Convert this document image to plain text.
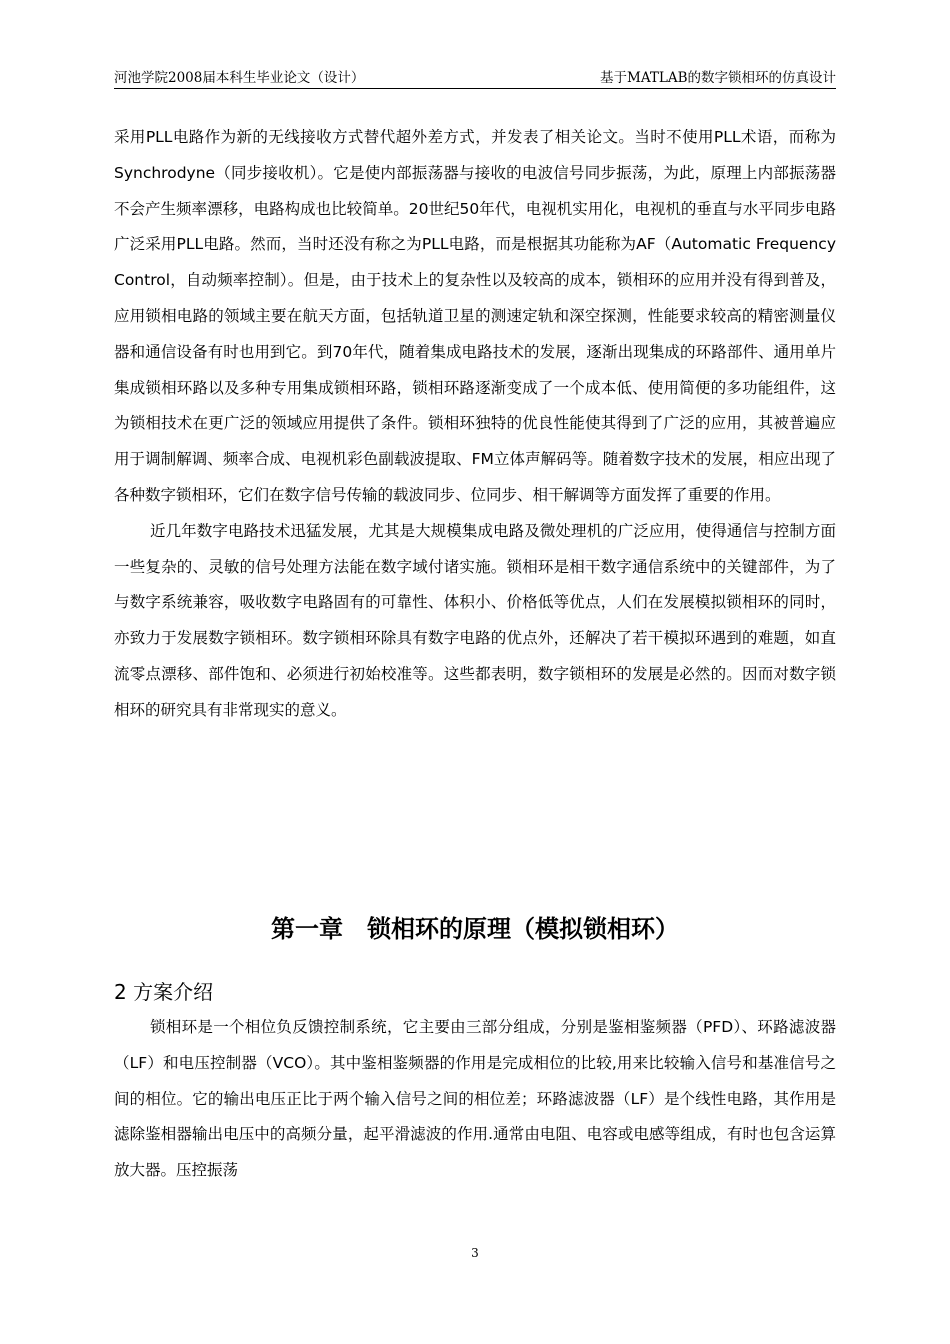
河池学院2008届本科生毕业论文（设计）	基于MATLAB的数字锁相环的仿真设计

采用PLL电路作为新的无线接收方式替代超外差方式，并发表了相关论文。当时不使用PLL术语，而称为Synchrodyne（同步接收机）。它是使内部振荡器与接收的电波信号同步振荡，为此，原理上内部振荡器不会产生频率漂移，电路构成也比较简单。20世纪50年代，电视机实用化，电视机的垂直与水平同步电路广泛采用PLL电路。然而，当时还没有称之为PLL电路，而是根据其功能称为AF（Automatic Frequency Control，自动频率控制）。但是，由于技术上的复杂性以及较高的成本，锁相环的应用并没有得到普及，应用锁相电路的领域主要在航天方面，包括轨道卫星的测速定轨和深空探测，性能要求较高的精密测量仪器和通信设备有时也用到它。到70年代，随着集成电路技术的发展，逐渐出现集成的环路部件、通用单片集成锁相环路以及多种专用集成锁相环路，锁相环路逐渐变成了一个成本低、使用简便的多功能组件，这为锁相技术在更广泛的领域应用提供了条件。锁相环独特的优良性能使其得到了广泛的应用，其被普遍应用于调制解调、频率合成、电视机彩色副载波提取、FM立体声解码等。随着数字技术的发展，相应出现了各种数字锁相环，它们在数字信号传输的载波同步、位同步、相干解调等方面发挥了重要的作用。

近几年数字电路技术迅猛发展，尤其是大规模集成电路及微处理机的广泛应用，使得通信与控制方面一些复杂的、灵敏的信号处理方法能在数字域付诸实施。锁相环是相干数字通信系统中的关键部件，为了与数字系统兼容，吸收数字电路固有的可靠性、体积小、价格低等优点，人们在发展模拟锁相环的同时，亦致力于发展数字锁相环。数字锁相环除具有数字电路的优点外，还解决了若干模拟环遇到的难题，如直流零点漂移、部件饱和、必须进行初始校准等。这些都表明，数字锁相环的发展是必然的。因而对数字锁相环的研究具有非常现实的意义。

第一章　锁相环的原理（模拟锁相环）
2 方案介绍

锁相环是一个相位负反馈控制系统，它主要由三部分组成，分别是鉴相鉴频器（PFD）、环路滤波器（LF）和电压控制器（VCO）。其中鉴相鉴频器的作用是完成相位的比较,用来比较输入信号和基准信号之间的相位。它的输出电压正比于两个输入信号之间的相位差；环路滤波器（LF）是个线性电路，其作用是滤除鉴相器输出电压中的高频分量，起平滑滤波的作用.通常由电阻、电容或电感等组成，有时也包含运算放大器。压控振荡

3
